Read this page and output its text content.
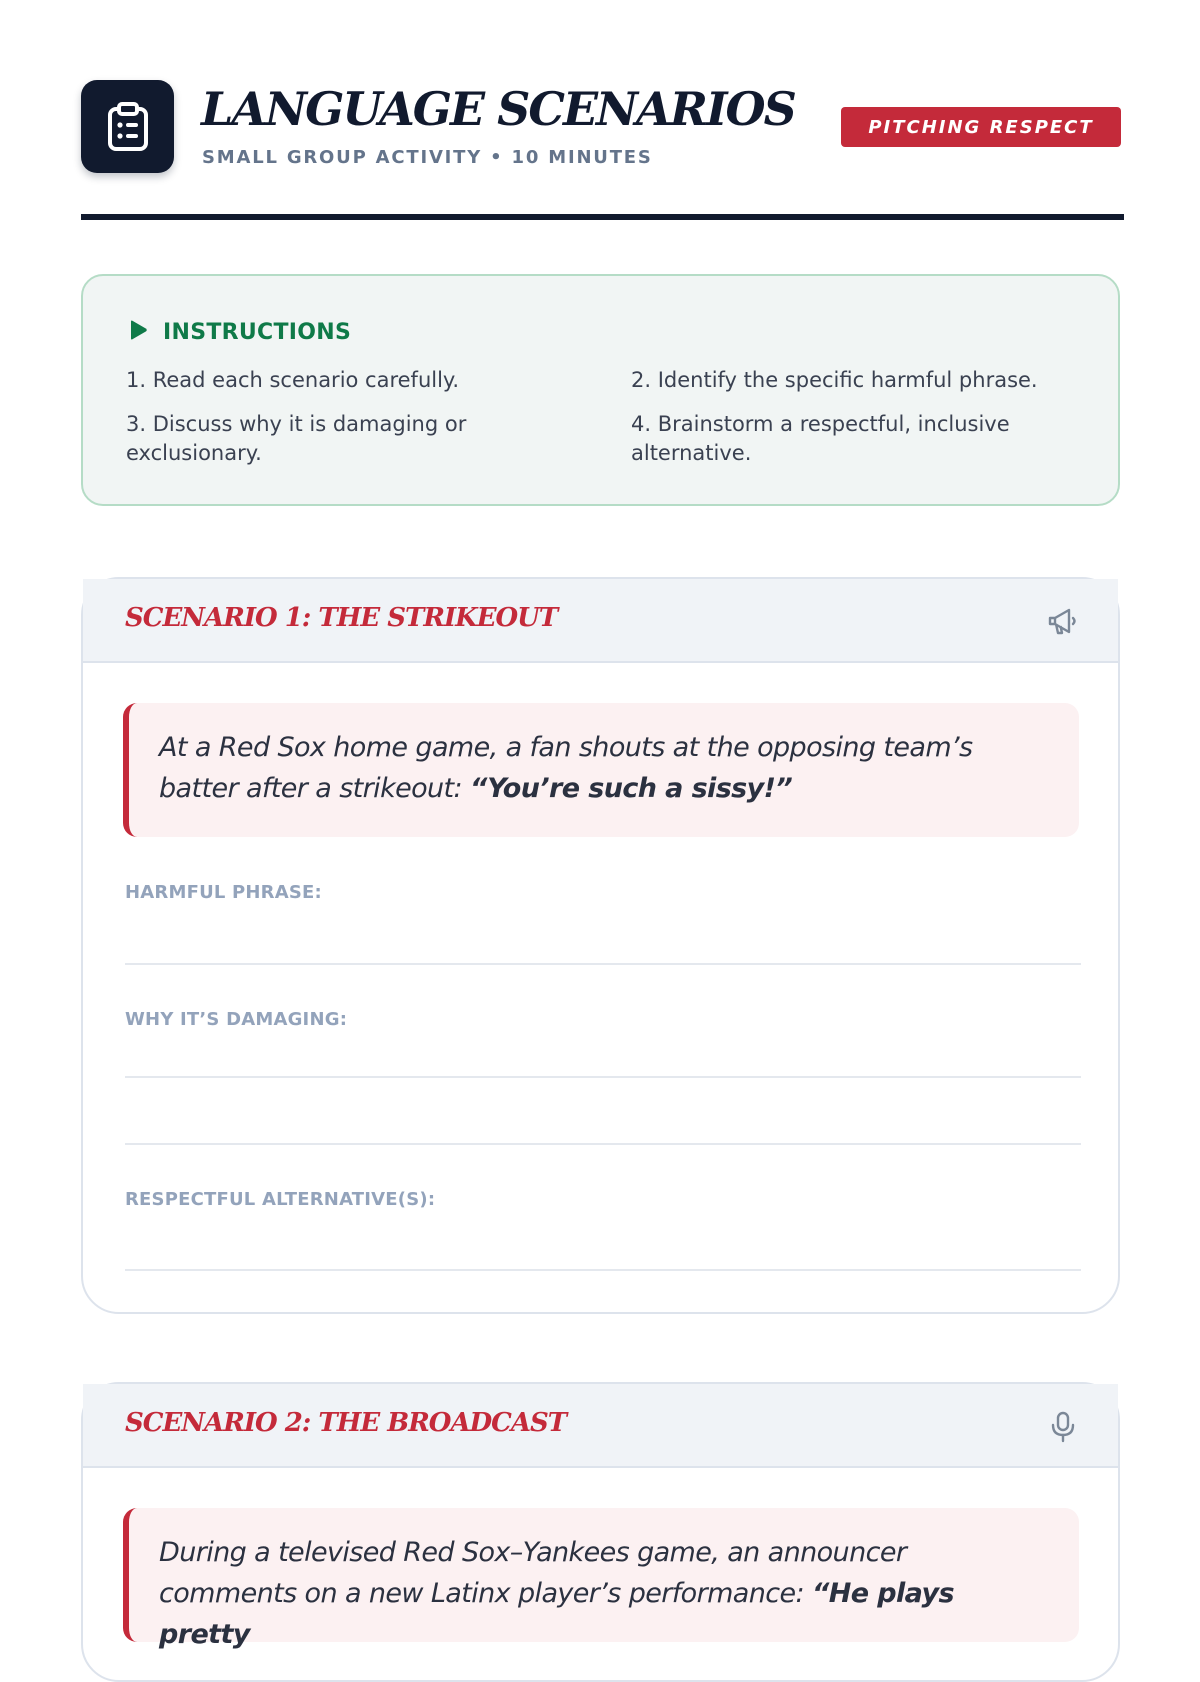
LANGUAGE SCENARIOS
SMALL GROUP ACTIVITY • 10 MINUTES
PITCHING RESPECT
INSTRUCTIONS
1. Read each scenario carefully.	2. Identify the specific harmful phrase.
3. Discuss why it is damaging or exclusionary.
4. Brainstorm a respectful, inclusive alternative.
SCENARIO 1: THE STRIKEOUT
At a Red Sox home game, a fan shouts at the opposing team’s batter after a strikeout: “You’re such a sissy!”
HARMFUL PHRASE:
WHY IT’S DAMAGING:
RESPECTFUL ALTERNATIVE(S):
SCENARIO 2: THE BROADCAST
During a televised Red Sox–Yankees game, an announcer comments on a new Latinx player’s performance: “He plays pretty
